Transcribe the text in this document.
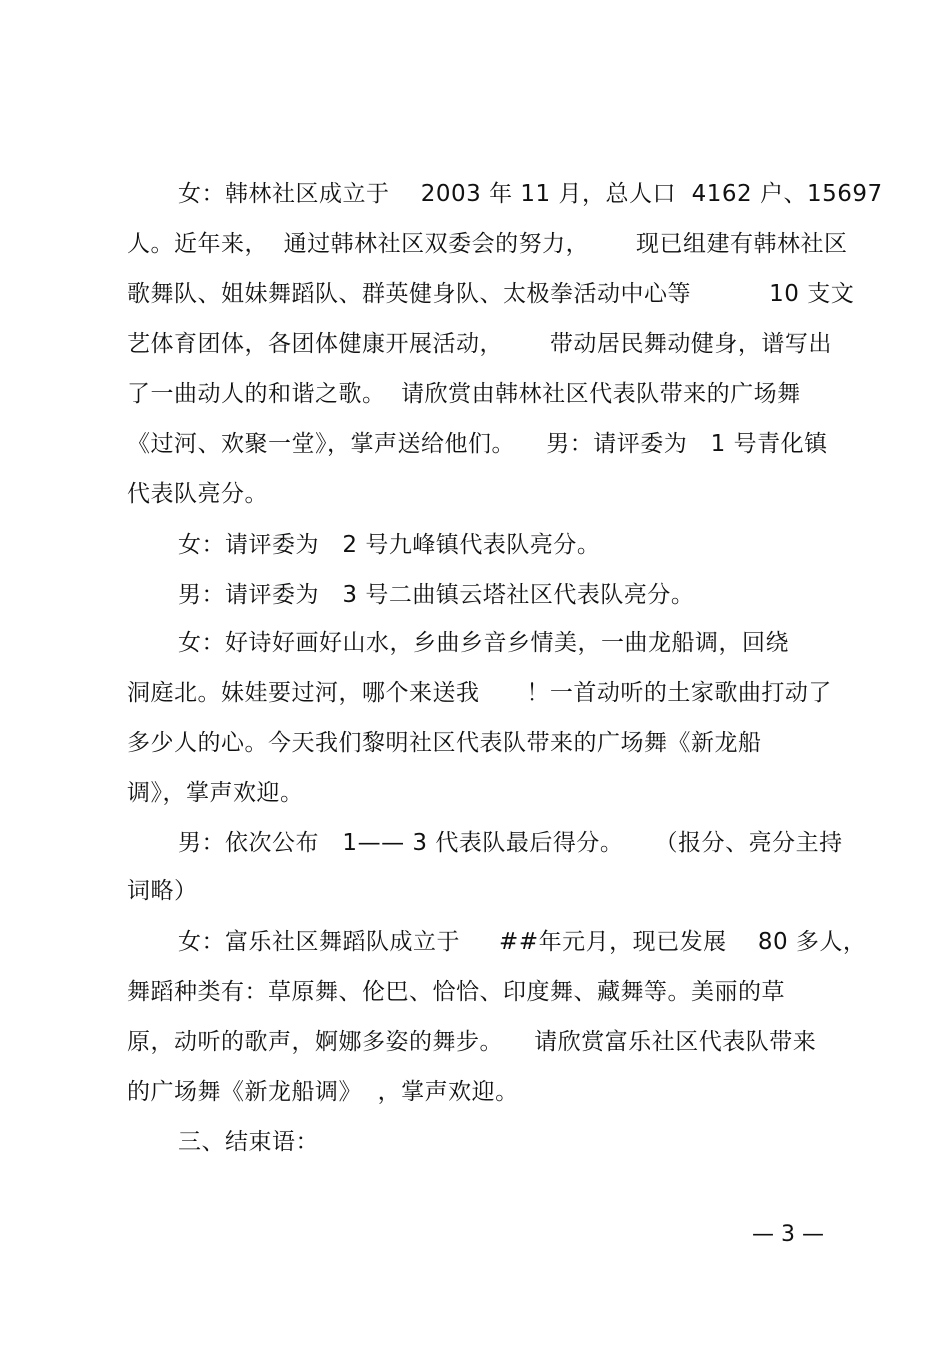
女：韩林社区成立于    2003 年 11 月，总人口  4162 户、15697
人。近年来，  通过韩林社区双委会的努力，      现已组建有韩林社区
歌舞队、姐妹舞蹈队、群英健身队、太极拳活动中心等          10 支文
艺体育团体，各团体健康开展活动，      带动居民舞动健身，谱写出
了一曲动人的和谐之歌。  请欣赏由韩林社区代表队带来的广场舞
《过河、欢聚一堂》，掌声送给他们。    男：请评委为   1 号青化镇
代表队亮分。
女：请评委为   2 号九峰镇代表队亮分。
男：请评委为   3 号二曲镇云塔社区代表队亮分。
女：好诗好画好山水，乡曲乡音乡情美，一曲龙船调，回绕
洞庭北。妹娃要过河，哪个来送我      ！一首动听的土家歌曲打动了
多少人的心。今天我们黎明社区代表队带来的广场舞《新龙船
调》，掌声欢迎。
男：依次公布   1—— 3 代表队最后得分。    （报分、亮分主持
词略）
女：富乐社区舞蹈队成立于     ##年元月，现已发展    80 多人，
舞蹈种类有：草原舞、伦巴、恰恰、印度舞、藏舞等。美丽的草
原，动听的歌声，婀娜多姿的舞步。    请欣赏富乐社区代表队带来
的广场舞《新龙船调》  ，掌声欢迎。
三、结束语：
— 3 —
